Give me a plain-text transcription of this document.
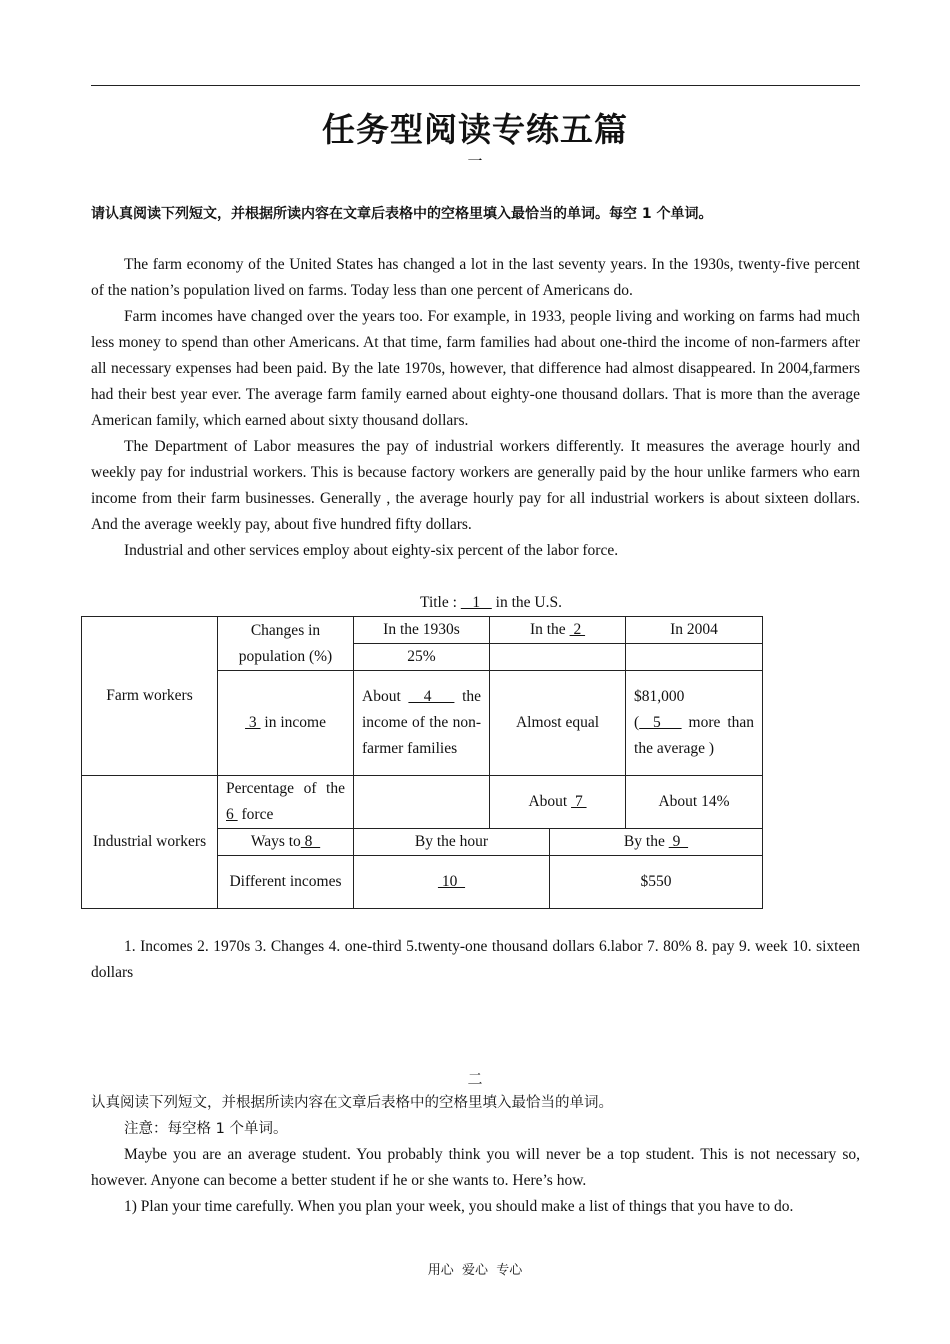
任务型阅读专练五篇
一
请认真阅读下列短文，并根据所读内容在文章后表格中的空格里填入最恰当的单词。每空 1 个单词。

The farm economy of the United States has changed a lot in the last seventy years. In the 1930s, twenty-five percent of the nation’s population lived on farms. Today less than one percent of Americans do.

Farm incomes have changed over the years too. For example, in 1933, people living and working on farms had much less money to spend than other Americans. At that time, farm families had about one-third the income of non-farmers after all necessary expenses had been paid. By the late 1970s, however, that difference had almost disappeared. In 2004,farmers had their best year ever. The average farm family earned about eighty-one thousand dollars. That is more than the average American family, which earned about sixty thousand dollars.

The Department of Labor measures the pay of industrial workers differently. It measures the average hourly and weekly pay for industrial workers. This is because factory workers are generally paid by the hour unlike farmers who earn income from their farm businesses. Generally , the average hourly pay for all industrial workers is about sixteen dollars. And the average weekly pay, about five hundred fifty dollars.

Industrial and other services employ about eighty-six percent of the labor force.

Title :    1    in the U.S.
Farm workers	Changes in population (%)	In the 1930s	In the  2		In 2004
		25%			
	3  in income	About   4    the income of the non-farmer families	Almost equal		$81,000
(  5    more than the average )
Industrial workers	Percentage of the 6  force		About  7		About 14%
	Ways to 8	By the hour		By the  9	
	Different incomes	10		$550	

1. Incomes 2. 1970s 3. Changes 4. one-third 5.twenty-one thousand dollars 6.labor 7. 80% 8. pay 9. week 10. sixteen dollars

二
认真阅读下列短文，并根据所读内容在文章后表格中的空格里填入最恰当的单词。

注意：每空格 1 个单词。

Maybe you are an average student. You probably think you will never be a top student. This is not necessary so, however. Anyone can become a better student if he or she wants to. Here’s how.

1) Plan your time carefully. When you plan your week, you should make a list of things that you have to do.

用心  爱心  专心
